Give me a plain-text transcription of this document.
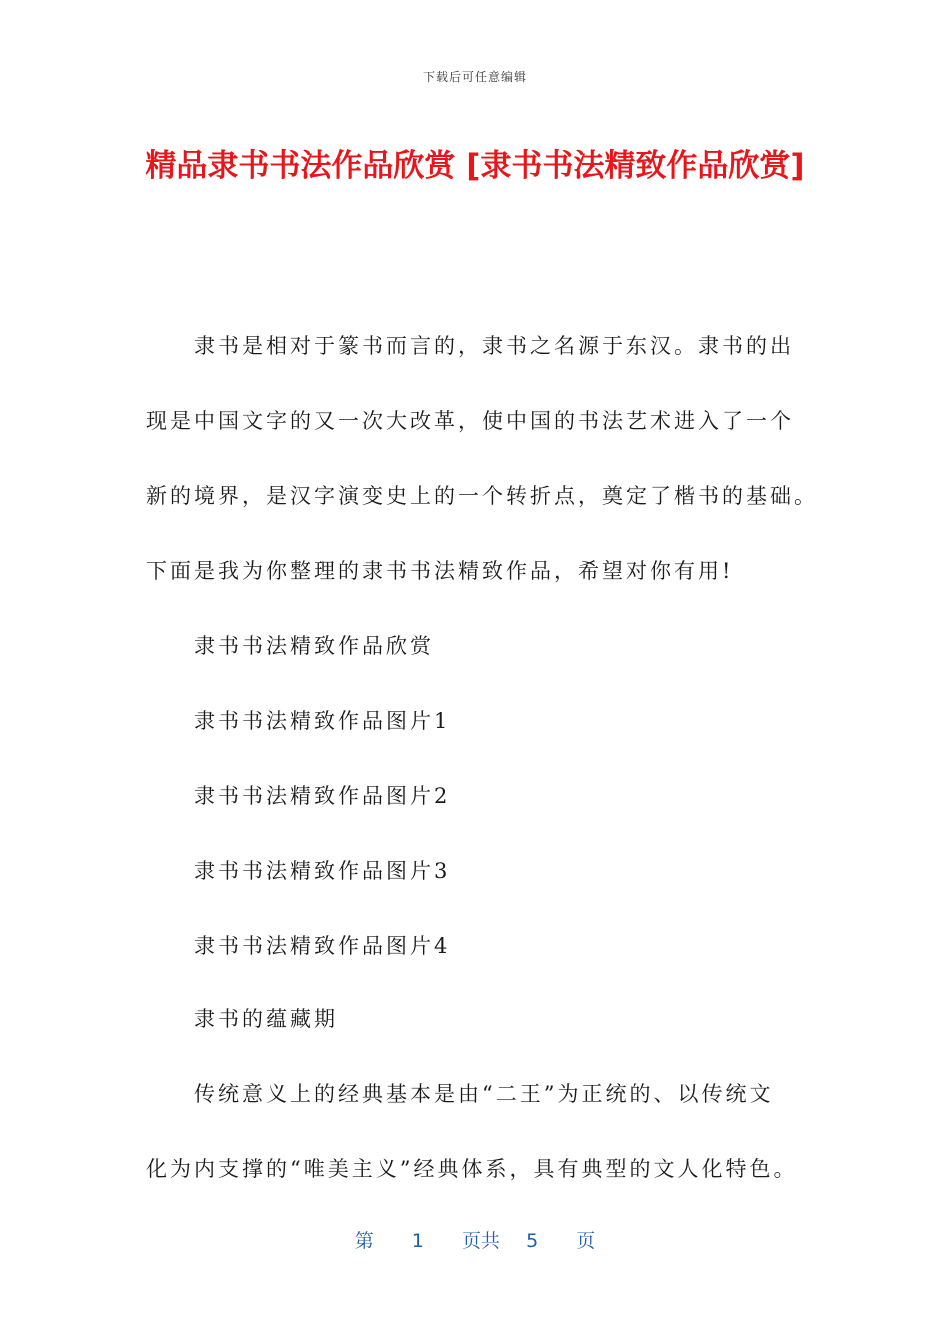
下载后可任意编辑
精品隶书书法作品欣赏 [隶书书法精致作品欣赏]
隶书是相对于篆书而言的，隶书之名源于东汉。隶书的出
现是中国文字的又一次大改革，使中国的书法艺术进入了一个
新的境界，是汉字演变史上的一个转折点，奠定了楷书的基础。
下面是我为你整理的隶书书法精致作品，希望对你有用!
隶书书法精致作品欣赏
隶书书法精致作品图片1
隶书书法精致作品图片2
隶书书法精致作品图片3
隶书书法精致作品图片4
隶书的蕴藏期
传统意义上的经典基本是由“二王”为正统的、以传统文
化为内支撑的“唯美主义”经典体系，具有典型的文人化特色。
第 1 页共 5 页
